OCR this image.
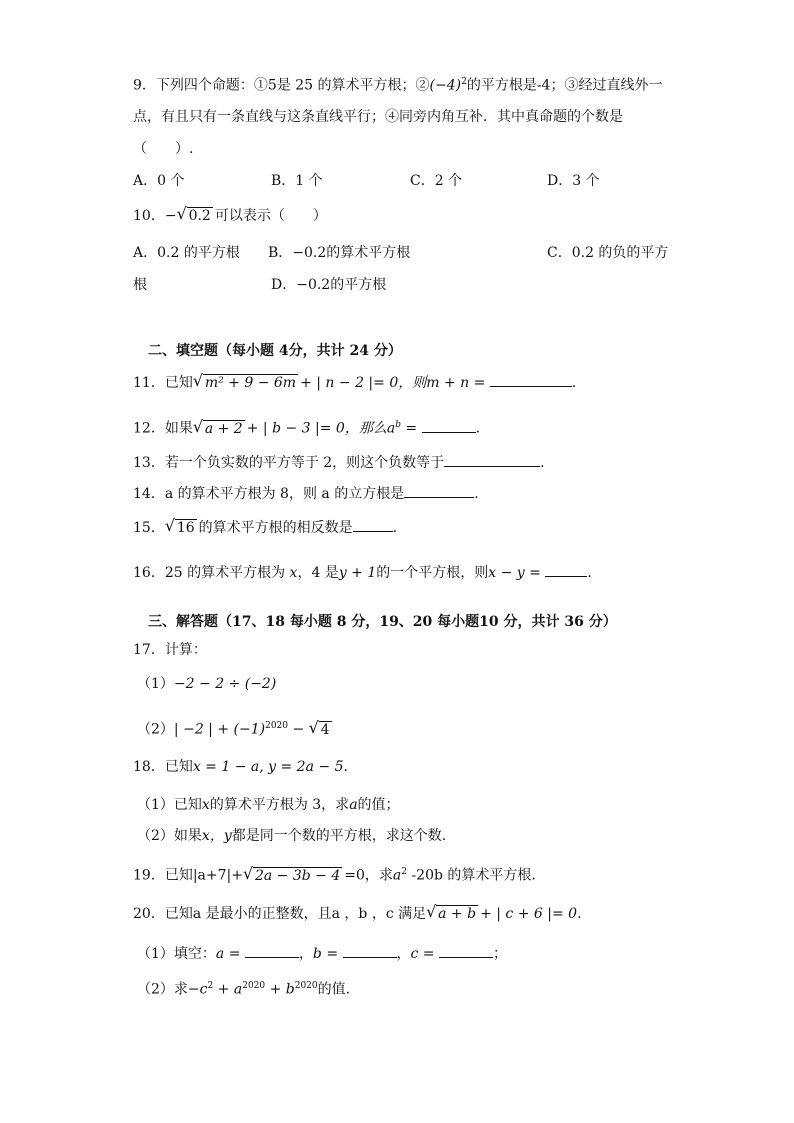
9．下列四个命题：①5是 25 的算术平方根；$②(-4)^2$的平方根是-4；③经过直线外一
点，有且只有一条直线与这条直线平行；④同旁内角互补．其中真命题的个数是
（　　）.
A．0 个	B．1 个	C．2 个	D．3 个
10．− √ 0.2 可以表示（　　）
A．0.2 的平方根 B．−0.2的算术平方根	C．0.2 的负的平方
根	D．−0.2的平方根
二、填空题（每小题 4分，共计 24 分）
11．已知 √ m² + 9 − 6m + | n − 2 |= 0，则m + n =	.
12．如果 √ a + 2 + | b − 3 |= 0，那么$a^b$ =	.
13．若一个负实数的平方等于 2，则这个负数等于	.
14．a 的算术平方根为 8，则 a 的立方根是	.
15． √ 16 的算术平方根的相反数是	.
16．25 的算术平方根为 x，4 是y + 1的一个平方根，则x − y =	.
三、解答题（17、18 每小题 8 分，19、20 每小题10 分，共计 36 分）
17．计算：
（1）−2 − 2 ÷ (−2)
（2）| −2 | + $(-1)^{2020}$ − √ 4
18．已知x = 1 − a, y = 2a − 5．
（1）已知x的算术平方根为 3，求a的值；
（2）如果x，y都是同一个数的平方根，求这个数.
19．已知|a+7|+ √ 2a − 3b − 4 =0，求$a^2$ -20b 的算术平方根.
20．已知a 是最小的正整数，且a ，b ，c 满足 √ a + b + | c + 6 |= 0．
（1）填空：a =	，b =	，c =	；
（2）求$-c^2 + a^{2020} + b^{2020}$的值.
